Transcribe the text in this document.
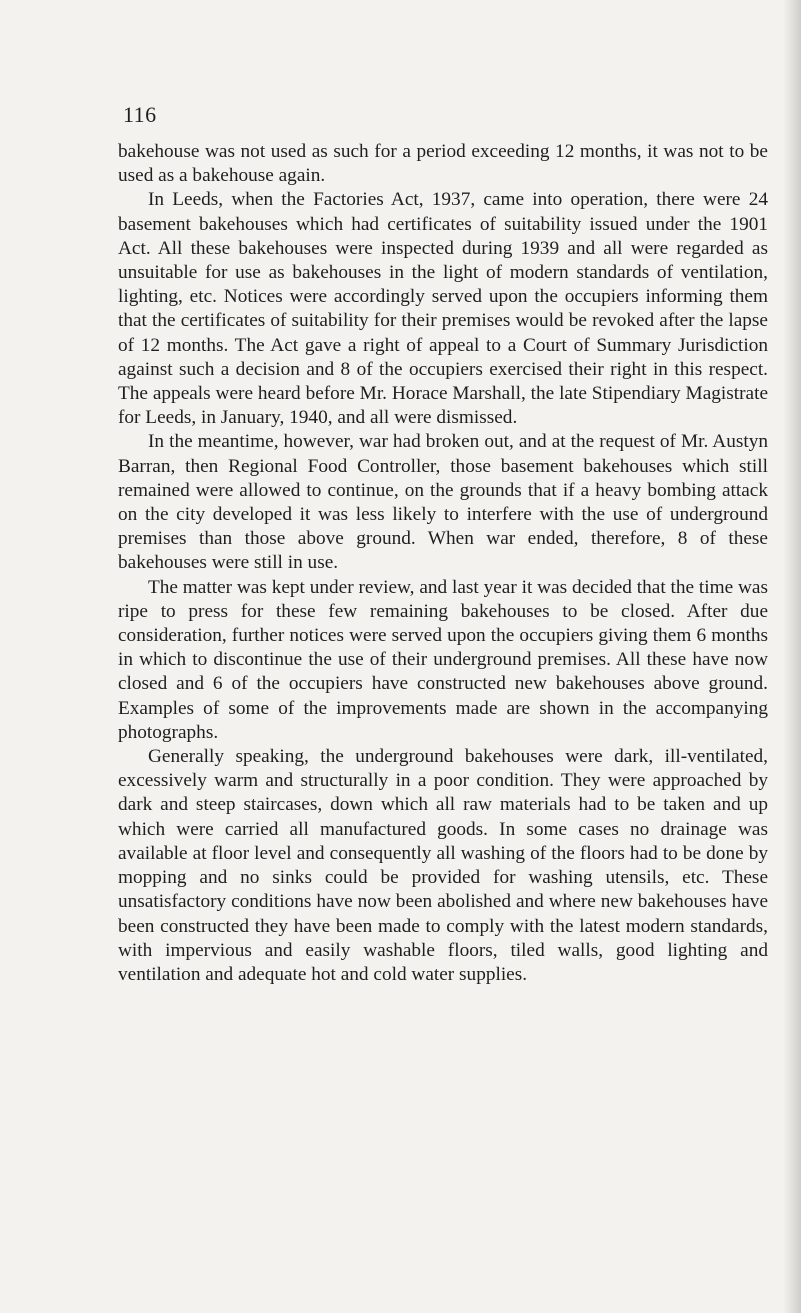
116

bakehouse was not used as such for a period exceeding 12 months, it was not to be used as a bakehouse again.

In Leeds, when the Factories Act, 1937, came into operation, there were 24 basement bakehouses which had certificates of suitability issued under the 1901 Act. All these bakehouses were inspected during 1939 and all were regarded as unsuitable for use as bakehouses in the light of modern standards of ventilation, lighting, etc. Notices were accordingly served upon the occupiers informing them that the certificates of suitability for their premises would be revoked after the lapse of 12 months. The Act gave a right of appeal to a Court of Summary Jurisdiction against such a decision and 8 of the occupiers exercised their right in this respect. The appeals were heard before Mr. Horace Marshall, the late Stipendiary Magistrate for Leeds, in January, 1940, and all were dismissed.

In the meantime, however, war had broken out, and at the request of Mr. Austyn Barran, then Regional Food Controller, those basement bakehouses which still remained were allowed to continue, on the grounds that if a heavy bombing attack on the city developed it was less likely to interfere with the use of underground premises than those above ground. When war ended, therefore, 8 of these bakehouses were still in use.

The matter was kept under review, and last year it was decided that the time was ripe to press for these few remaining bakehouses to be closed. After due consideration, further notices were served upon the occupiers giving them 6 months in which to discontinue the use of their underground premises. All these have now closed and 6 of the occupiers have constructed new bakehouses above ground. Examples of some of the improvements made are shown in the accompanying photographs.

Generally speaking, the underground bakehouses were dark, ill-ventilated, excessively warm and structurally in a poor condition. They were approached by dark and steep staircases, down which all raw materials had to be taken and up which were carried all manufactured goods. In some cases no drainage was available at floor level and consequently all washing of the floors had to be done by mopping and no sinks could be provided for washing utensils, etc. These unsatisfactory conditions have now been abolished and where new bakehouses have been constructed they have been made to comply with the latest modern standards, with impervious and easily washable floors, tiled walls, good lighting and ventilation and adequate hot and cold water supplies.
